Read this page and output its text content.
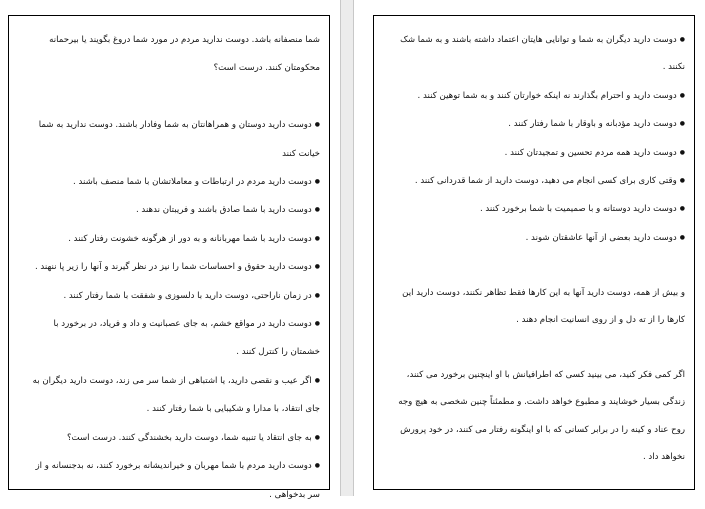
شما منصفانه باشد. دوست ندارید مردم در مورد شما دروغ بگویند یا بیرحمانه

محکومتان کنند. درست است؟

● دوست دارید دوستان و همراهانتان به شما وفادار باشند. دوست ندارید به شما

خیانت کنند

● دوست دارید مردم در ارتباطات و معاملاتشان با شما منصف باشند .

● دوست دارید با شما صادق باشند و فریبتان ندهند .

● دوست دارید با شما مهربانانه و به دور از هرگونه خشونت رفتار کنند .

● دوست دارید حقوق و احساسات شما را نیز در نظر گیرند و آنها را زیر پا ننهند .

● در زمان ناراحتی، دوست دارید با دلسوزی و شفقت با شما رفتار کنند .

● دوست دارید در مواقع خشم، به جای عصبانیت و داد و فریاد، در برخورد با

خشمتان را کنترل کنند .

● اگر عیب و نقصی دارید، یا اشتباهی از شما سر می زند، دوست دارید دیگران به

جای انتقاد، با مدارا و شکیبایی با شما رفتار کنند .

● به جای انتقاد یا تنبیه شما، دوست دارید بخشندگی کنند. درست است؟

● دوست دارید مردم با شما مهربان و خیراندیشانه برخورد کنند، نه بدجنسانه و از

سر بدخواهی .

● دوست دارید دیگران به شما و توانایی هایتان اعتماد داشته باشند و به شما شک

نکنند .

● دوست دارید و احترام بگذارند نه اینکه خوارتان کنند و به شما توهین کنند .

● دوست دارید مؤدبانه و باوقار با شما رفتار کنند .

● دوست دارید همه مردم تحسین و تمجیدتان کنند .

● وقتی کاری برای کسی انجام می دهید، دوست دارید از شما قدردانی کنند .

● دوست دارید دوستانه و با صمیمیت با شما برخورد کنند .

● دوست دارید بعضی از آنها عاشقتان شوند .

و بیش از همه، دوست دارید آنها به این کارها فقط تظاهر نکنند، دوست دارید این

کارها را از ته دل و از روی انسانیت انجام دهند .

اگر کمی فکر کنید، می بینید کسی که اطرافیانش با او اینچنین برخورد می کنند،

زندگی بسیار خوشایند و مطبوع خواهد داشت. و مطمئناً چنین شخصی به هیچ وجه

روح عناد و کینه را در برابر کسانی که با او اینگونه رفتار می کنند، در خود پرورش

نخواهد داد .
